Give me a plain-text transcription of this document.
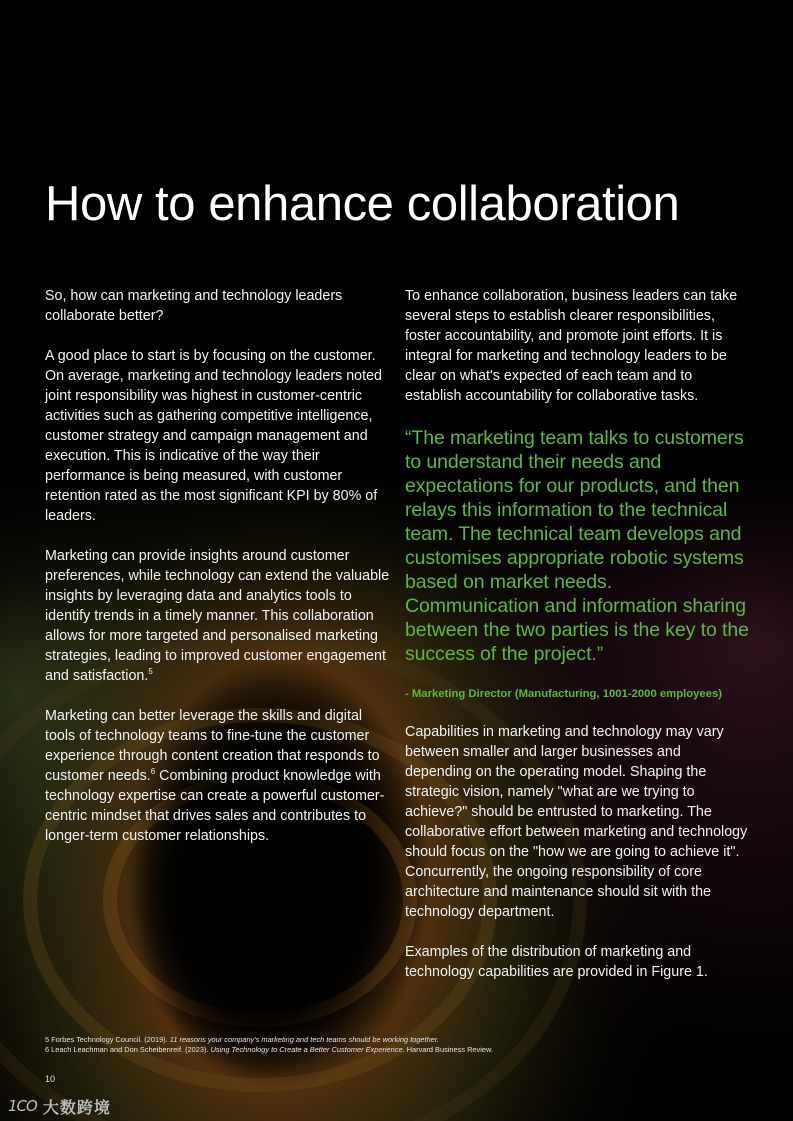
How to enhance collaboration

So, how can marketing and technology leaders collaborate better?

A good place to start is by focusing on the customer. On average, marketing and technology leaders noted joint responsibility was highest in customer-centric activities such as gathering competitive intelligence, customer strategy and campaign management and execution. This is indicative of the way their performance is being measured, with customer retention rated as the most significant KPI by 80% of leaders.

Marketing can provide insights around customer preferences, while technology can extend the valuable insights by leveraging data and analytics tools to identify trends in a timely manner. This collaboration allows for more targeted and personalised marketing strategies, leading to improved customer engagement and satisfaction.$^5$

Marketing can better leverage the skills and digital tools of technology teams to fine-tune the customer experience through content creation that responds to customer needs.$^6$ Combining product knowledge with technology expertise can create a powerful customer-centric mindset that drives sales and contributes to longer-term customer relationships.

To enhance collaboration, business leaders can take several steps to establish clearer responsibilities, foster accountability, and promote joint efforts. It is integral for marketing and technology leaders to be clear on what's expected of each team and to establish accountability for collaborative tasks.

“The marketing team talks to customers to understand their needs and expectations for our products, and then relays this information to the technical team. The technical team develops and customises appropriate robotic systems based on market needs. Communication and information sharing between the two parties is the key to the success of the project.”

- Marketing Director (Manufacturing, 1001-2000 employees)

Capabilities in marketing and technology may vary between smaller and larger businesses and depending on the operating model. Shaping the strategic vision, namely "what are we trying to achieve?" should be entrusted to marketing. The collaborative effort between marketing and technology should focus on the "how we are going to achieve it". Concurrently, the ongoing responsibility of core architecture and maintenance should sit with the technology department.

Examples of the distribution of marketing and technology capabilities are provided in Figure 1.

5 Forbes Technology Council. (2019). 11 reasons your company's marketing and tech teams should be working together.
6 Leach Leachman and Don Scheibenreif. (2023). Using Technology to Create a Better Customer Experience. Harvard Business Review.
10
1CO 大数跨境
